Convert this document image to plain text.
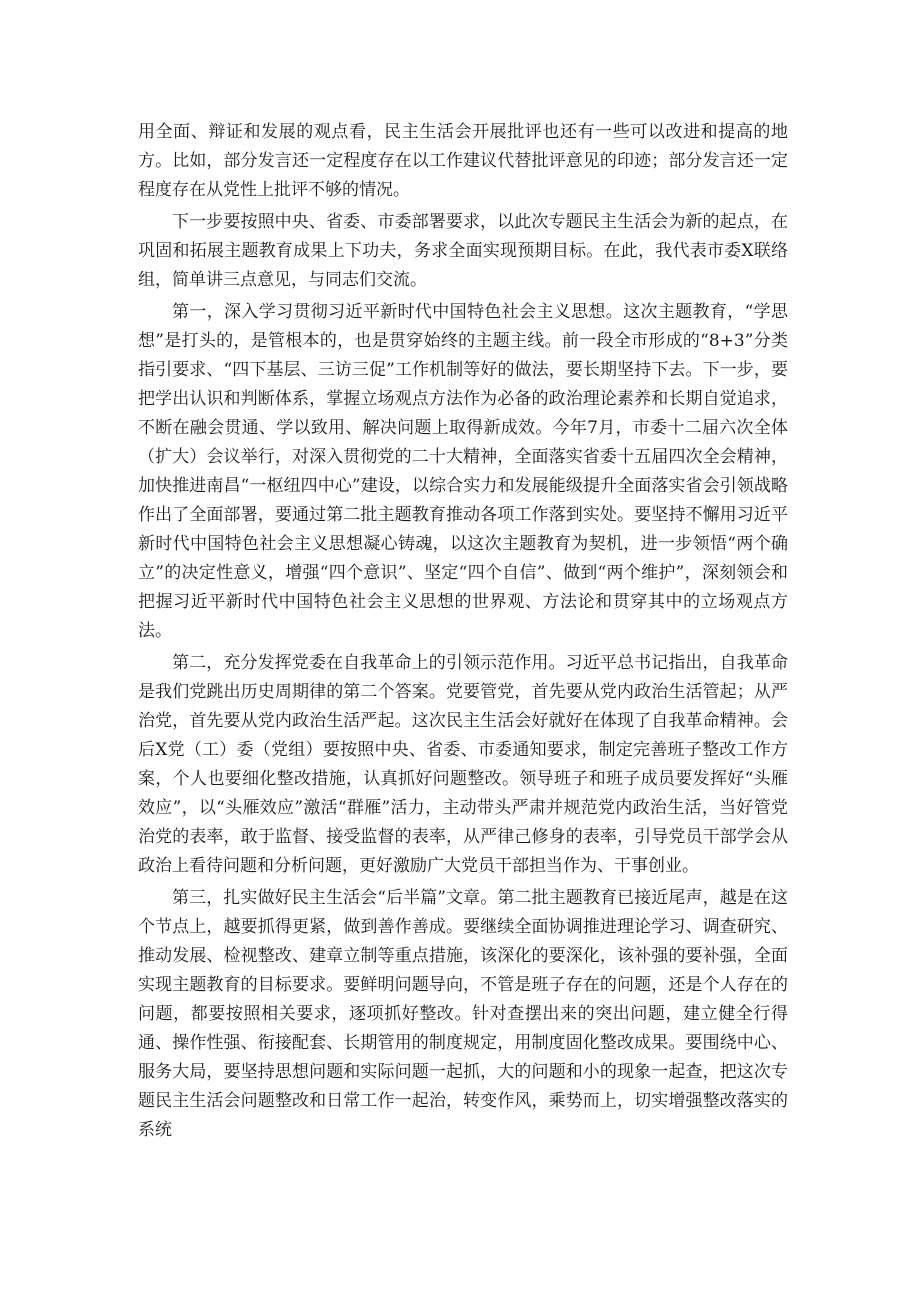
用全面、辩证和发展的观点看，民主生活会开展批评也还有一些可以改进和提高的地方。比如，部分发言还一定程度存在以工作建议代替批评意见的印迹；部分发言还一定程度存在从党性上批评不够的情况。

下一步要按照中央、省委、市委部署要求，以此次专题民主生活会为新的起点，在巩固和拓展主题教育成果上下功夫，务求全面实现预期目标。在此，我代表市委X联络组，简单讲三点意见，与同志们交流。

第一，深入学习贯彻习近平新时代中国特色社会主义思想。这次主题教育，“学思想”是打头的，是管根本的，也是贯穿始终的主题主线。前一段全市形成的“8+3”分类指引要求、“四下基层、三访三促”工作机制等好的做法，要长期坚持下去。下一步，要把学出认识和判断体系，掌握立场观点方法作为必备的政治理论素养和长期自觉追求，不断在融会贯通、学以致用、解决问题上取得新成效。今年7月，市委十二届六次全体（扩大）会议举行，对深入贯彻党的二十大精神，全面落实省委十五届四次全会精神，加快推进南昌“一枢纽四中心”建设，以综合实力和发展能级提升全面落实省会引领战略作出了全面部署，要通过第二批主题教育推动各项工作落到实处。要坚持不懈用习近平新时代中国特色社会主义思想凝心铸魂，以这次主题教育为契机，进一步领悟“两个确立”的决定性意义，增强“四个意识”、坚定“四个自信”、做到“两个维护”，深刻领会和把握习近平新时代中国特色社会主义思想的世界观、方法论和贯穿其中的立场观点方法。

第二，充分发挥党委在自我革命上的引领示范作用。习近平总书记指出，自我革命是我们党跳出历史周期律的第二个答案。党要管党，首先要从党内政治生活管起；从严治党，首先要从党内政治生活严起。这次民主生活会好就好在体现了自我革命精神。会后X党（工）委（党组）要按照中央、省委、市委通知要求，制定完善班子整改工作方案，个人也要细化整改措施，认真抓好问题整改。领导班子和班子成员要发挥好“头雁效应”，以“头雁效应”激活“群雁”活力，主动带头严肃并规范党内政治生活，当好管党治党的表率，敢于监督、接受监督的表率，从严律己修身的表率，引导党员干部学会从政治上看待问题和分析问题，更好激励广大党员干部担当作为、干事创业。

第三，扎实做好民主生活会“后半篇”文章。第二批主题教育已接近尾声，越是在这个节点上，越要抓得更紧，做到善作善成。要继续全面协调推进理论学习、调查研究、推动发展、检视整改、建章立制等重点措施，该深化的要深化，该补强的要补强，全面实现主题教育的目标要求。要鲜明问题导向，不管是班子存在的问题，还是个人存在的问题，都要按照相关要求，逐项抓好整改。针对查摆出来的突出问题，建立健全行得通、操作性强、衔接配套、长期管用的制度规定，用制度固化整改成果。要围绕中心、服务大局，要坚持思想问题和实际问题一起抓，大的问题和小的现象一起查，把这次专题民主生活会问题整改和日常工作一起治，转变作风，乘势而上，切实增强整改落实的系统
